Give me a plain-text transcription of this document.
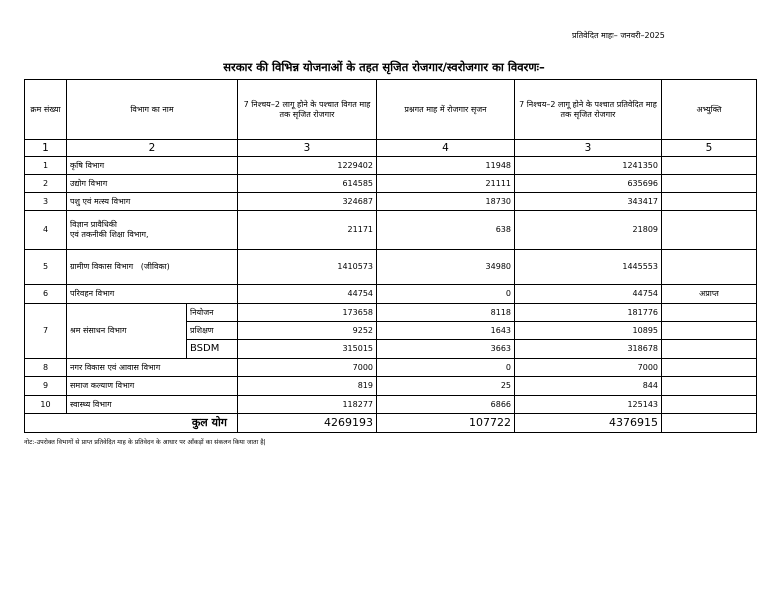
प्रतिवेदित माहः– जनवरी–2025
सरकार की विभिन्न योजनाओं के तहत सृजित रोजगार/स्वरोजगार का विवरणः–
क्रम संख्या	विभाग का नाम		7 निश्चय–2 लागू होने के पश्चात विगत माह तक सृजित रोजगार	प्रश्नगत माह में रोजगार सृजन	7 निश्चय–2 लागू होने के पश्चात प्रतिवेदित माह तक सृजित रोजगार	अभ्युक्ति
1	2		3	4	3	5
1	कृषि विभाग		1229402	11948	1241350	
2	उद्योग विभाग		614585	21111	635696	
3	पशु एवं मत्स्य विभाग		324687	18730	343417	
4	विज्ञान प्रावैधिकी
एवं तकनीकी शिक्षा विभाग,		21171	638	21809	
5	ग्रामीण विकास विभाग   (जीविका)		1410573	34980	1445553	
6	परिवहन विभाग		44754	0	44754	अप्राप्त
7	श्रम संसाधन विभाग	नियोजन	173658	8118	181776	
		प्रशिक्षण	9252	1643	10895	
		BSDM	315015	3663	318678	
8	नगर विकास एवं आवास विभाग		7000	0	7000	
9	समाज कल्याण विभाग		819	25	844	
10	स्वास्थ्य विभाग		118277	6866	125143	
कुल योग			4269193	107722	4376915	
नोट:-उपरोक्त विभागों से प्राप्त प्रतिवेदित माह के प्रतिवेदन के आधार पर आँकड़ों का संकलन किया जाता है|
